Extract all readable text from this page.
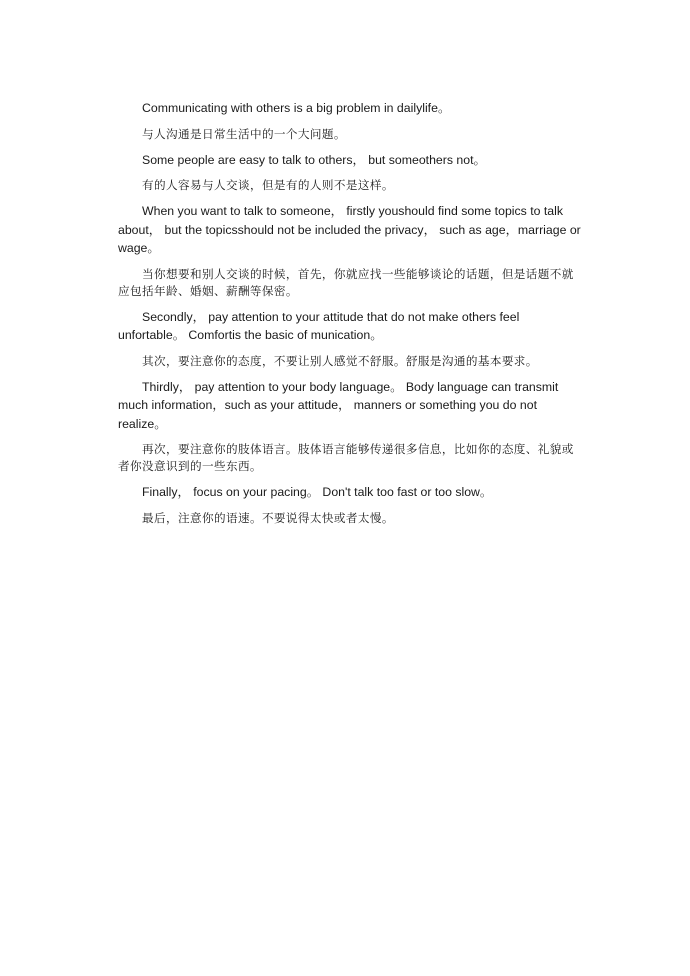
Communicating with others is a big problem in dailylife。

与人沟通是日常生活中的一个大问题。

Some people are easy to talk to others， but someothers not。

有的人容易与人交谈，但是有的人则不是这样。

When you want to talk to someone， firstly youshould find some topics to talk
about， but the topicsshould not be included the privacy， such as age，marriage or
wage。

当你想要和别人交谈的时候，首先，你就应找一些能够谈论的话题，但是话题不就
应包括年龄、婚姻、薪酬等保密。

Secondly， pay attention to your attitude that do not make others feel
unfortable。 Comfortis the basic of munication。

其次，要注意你的态度，不要让别人感觉不舒服。舒服是沟通的基本要求。

Thirdly， pay attention to your body language。 Body language can transmit
much information，such as your attitude， manners or something you do not
realize。

再次，要注意你的肢体语言。肢体语言能够传递很多信息，比如你的态度、礼貌或
者你没意识到的一些东西。

Finally， focus on your pacing。 Don't talk too fast or too slow。

最后，注意你的语速。不要说得太快或者太慢。
